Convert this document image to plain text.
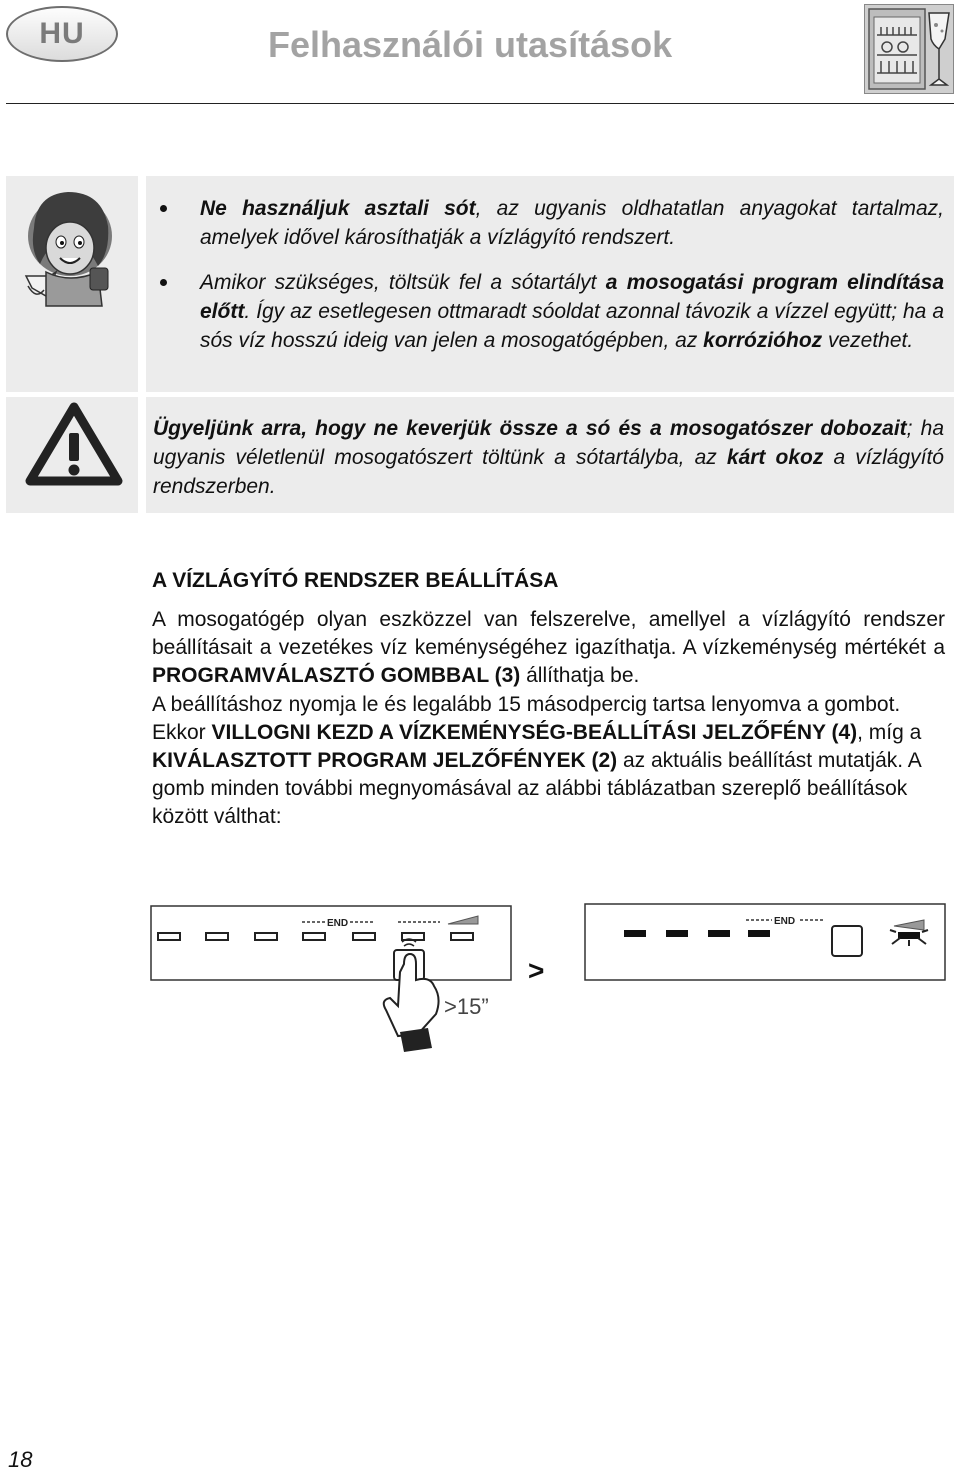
HU	Felhasználói utasítások
Ne használjuk asztali sót, az ugyanis oldhatatlan anyagokat tartalmaz, amelyek idővel károsíthatják a vízlágyító rendszert.
Amikor szükséges, töltsük fel a sótartályt a mosogatási program elindítása előtt. Így az esetlegesen ottmaradt sóoldat azonnal távozik a vízzel együtt; ha a sós víz hosszú ideig van jelen a mosogatógépben, az korrózióhoz vezethet.

Ügyeljünk arra, hogy ne keverjük össze a só és a mosogatószer dobozait; ha ugyanis véletlenül mosogatószert töltünk a sótartályba, az kárt okoz a vízlágyító rendszerben.

A VÍZLÁGYÍTÓ RENDSZER BEÁLLÍTÁSA

A mosogatógép olyan eszközzel van felszerelve, amellyel a vízlágyító rendszer beállításait a vezetékes víz keménységéhez igazíthatja. A vízkeménység mértékét a PROGRAMVÁLASZTÓ GOMBBAL (3) állíthatja be.

A beállításhoz nyomja le és legalább 15 másodpercig tartsa lenyomva a gombot. Ekkor VILLOGNI KEZD A VÍZKEMÉNYSÉG-BEÁLLÍTÁSI JELZŐFÉNY (4), míg a KIVÁLASZTOTT PROGRAM JELZŐFÉNYEK (2) az aktuális beállítást mutatják. A gomb minden további megnyomásával az alábbi táblázatban szereplő beállítások között válthat:

END
>15”
>
END
18
